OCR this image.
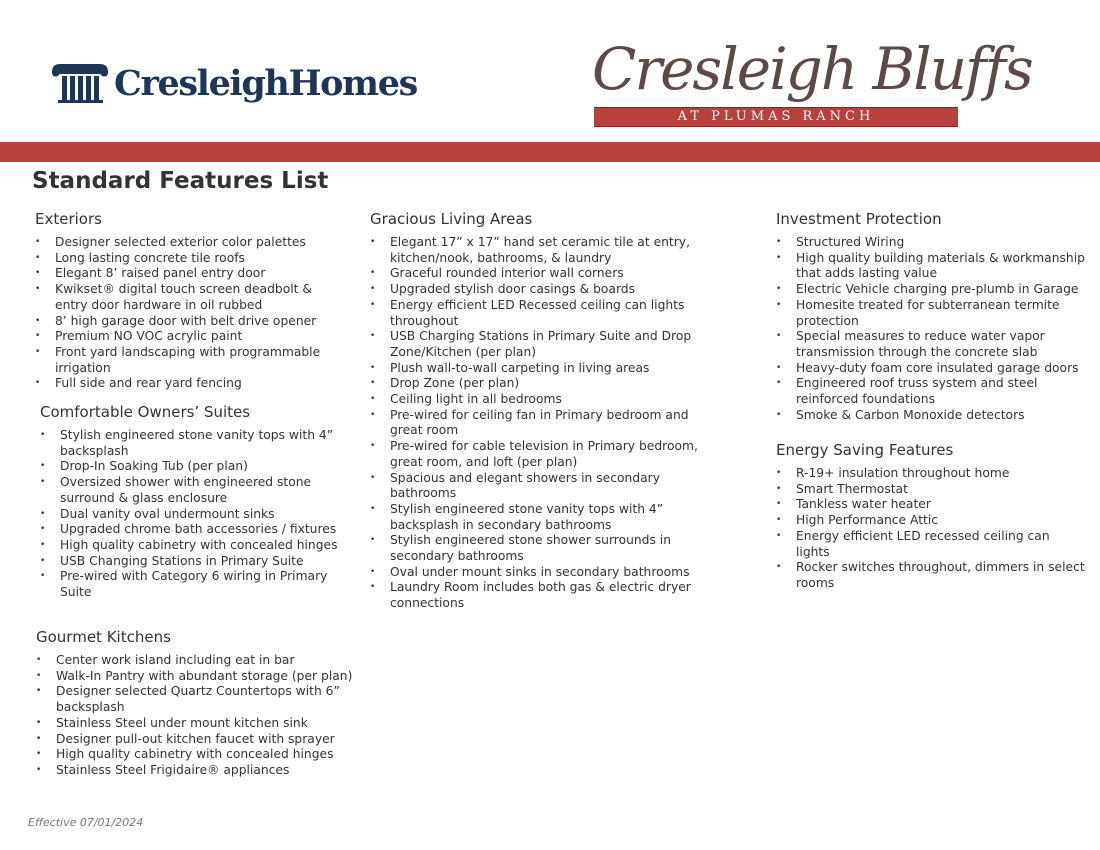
CresleighHomes	Cresleigh Bluffs
AT PLUMAS RANCH
Standard Features List
Exteriors
• Designer selected exterior color palettes
• Long lasting concrete tile roofs
• Elegant 8’ raised panel entry door
• Kwikset® digital touch screen deadbolt & entry door hardware in oil rubbed
• 8’ high garage door with belt drive opener
• Premium NO VOC acrylic paint
• Front yard landscaping with programmable irrigation
• Full side and rear yard fencing
Comfortable Owners’ Suites
• Stylish engineered stone vanity tops with 4” backsplash
• Drop-In Soaking Tub (per plan)
• Oversized shower with engineered stone surround & glass enclosure
• Dual vanity oval undermount sinks
• Upgraded chrome bath accessories / fixtures
• High quality cabinetry with concealed hinges
• USB Changing Stations in Primary Suite
• Pre-wired with Category 6 wiring in Primary Suite
Gourmet Kitchens
• Center work island including eat in bar
• Walk-In Pantry with abundant storage (per plan)
• Designer selected Quartz Countertops with 6” backsplash
• Stainless Steel under mount kitchen sink
• Designer pull-out kitchen faucet with sprayer
• High quality cabinetry with concealed hinges
• Stainless Steel Frigidaire® appliances
Gracious Living Areas
• Elegant 17” x 17” hand set ceramic tile at entry, kitchen/nook, bathrooms, & laundry
• Graceful rounded interior wall corners
• Upgraded stylish door casings & boards
• Energy efficient LED Recessed ceiling can lights throughout
• USB Charging Stations in Primary Suite and Drop Zone/Kitchen (per plan)
• Plush wall-to-wall carpeting in living areas
• Drop Zone (per plan)
• Ceiling light in all bedrooms
• Pre-wired for ceiling fan in Primary bedroom and great room
• Pre-wired for cable television in Primary bedroom, great room, and loft (per plan)
• Spacious and elegant showers in secondary bathrooms
• Stylish engineered stone vanity tops with 4” backsplash in secondary bathrooms
• Stylish engineered stone shower surrounds in secondary bathrooms
• Oval under mount sinks in secondary bathrooms
• Laundry Room includes both gas & electric dryer connections
Investment Protection
• Structured Wiring
• High quality building materials & workmanship that adds lasting value
• Electric Vehicle charging pre-plumb in Garage
• Homesite treated for subterranean termite protection
• Special measures to reduce water vapor transmission through the concrete slab
• Heavy-duty foam core insulated garage doors
• Engineered roof truss system and steel reinforced foundations
• Smoke & Carbon Monoxide detectors
Energy Saving Features
• R-19+ insulation throughout home
• Smart Thermostat
• Tankless water heater
• High Performance Attic
• Energy efficient LED recessed ceiling can lights
• Rocker switches throughout, dimmers in select rooms
Effective 07/01/2024
